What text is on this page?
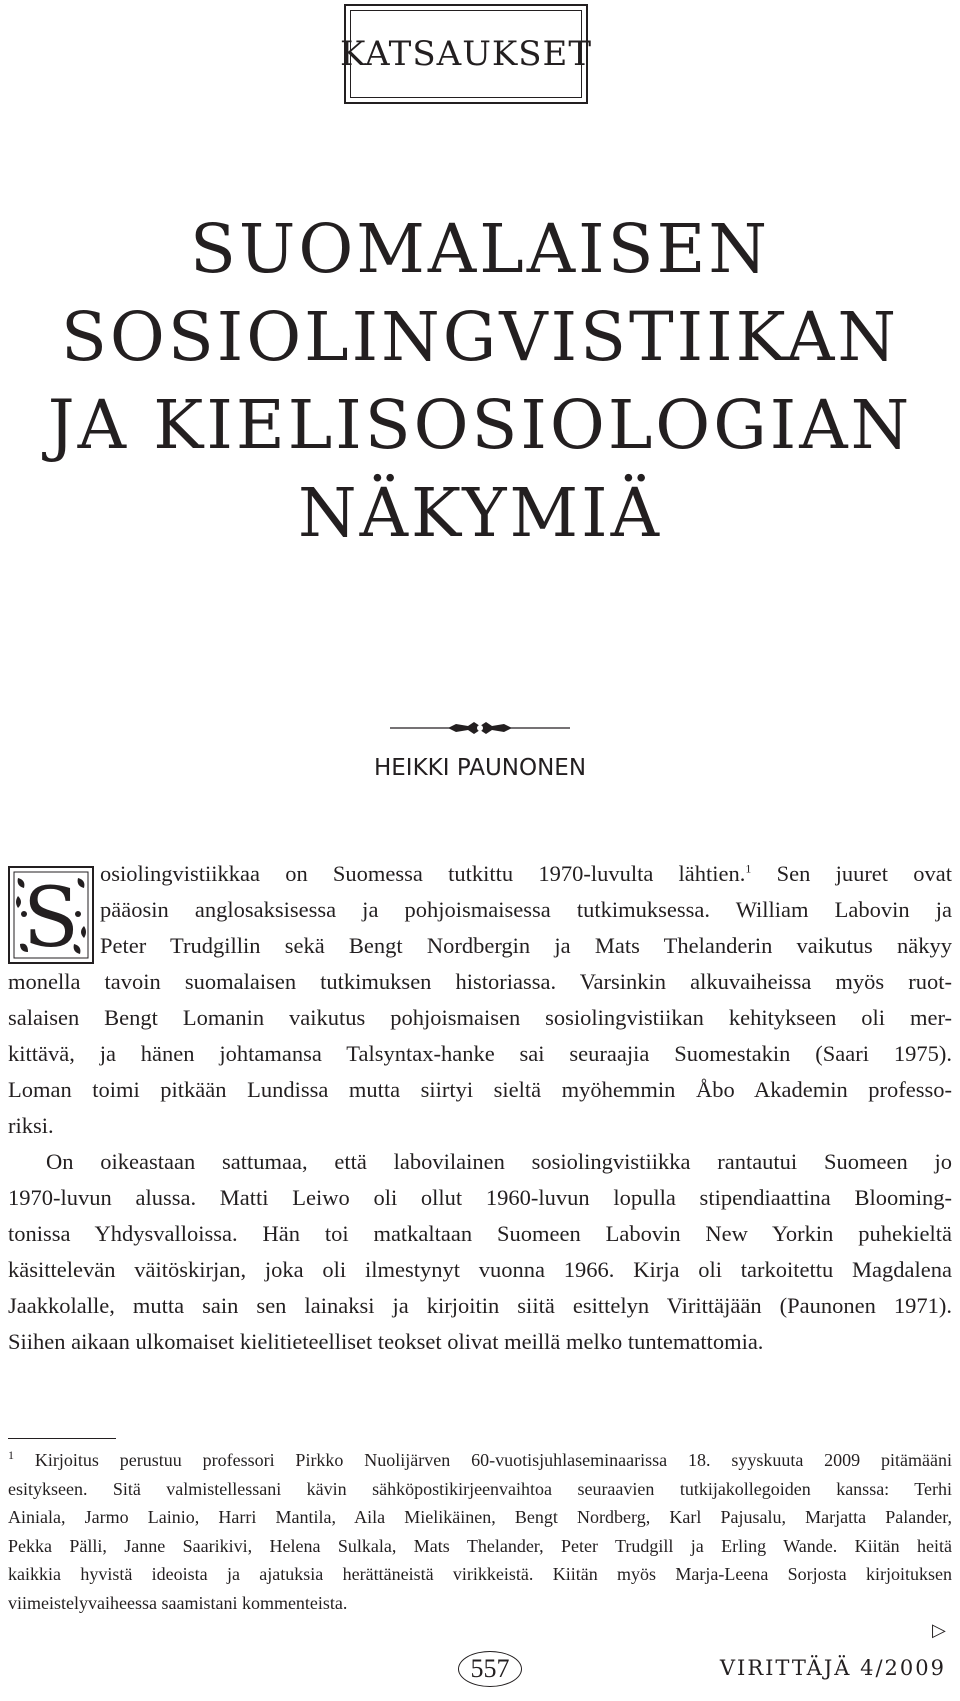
KATSAUKSET
SUOMALAISEN
SOSIOLINGVISTIIKAN
JA KIELISOSIOLOGIAN
NÄKYMIÄ
HEIKKI PAUNONEN
S osiolingvistiikkaa on Suomessa tutkittu 1970-luvulta lähtien.$^1$ Sen juuret ovat
pääosin anglosaksisessa ja pohjoismaisessa tutkimuksessa. William Labovin ja
Peter Trudgillin sekä Bengt Nordbergin ja Mats Thelanderin vaikutus näkyy
monella tavoin suomalaisen tutkimuksen historiassa. Varsinkin alkuvaiheissa myös ruot-
salaisen Bengt Lomanin vaikutus pohjoismaisen sosiolingvistiikan kehitykseen oli mer-
kittävä, ja hänen johtamansa Talsyntax-hanke sai seuraajia Suomestakin (Saari 1975).
Loman toimi pitkään Lundissa mutta siirtyi sieltä myöhemmin Åbo Akademin professo-
riksi.
On oikeastaan sattumaa, että labovilainen sosiolingvistiikka rantautui Suomeen jo
1970-luvun alussa. Matti Leiwo oli ollut 1960-luvun lopulla stipendiaattina Blooming-
tonissa Yhdysvalloissa. Hän toi matkaltaan Suomeen Labovin New Yorkin puhekieltä
käsittelevän väitöskirjan, joka oli ilmestynyt vuonna 1966. Kirja oli tarkoitettu Magdalena
Jaakkolalle, mutta sain sen lainaksi ja kirjoitin siitä esittelyn Virittäjään (Paunonen 1971).
Siihen aikaan ulkomaiset kielitieteelliset teokset olivat meillä melko tuntemattomia.
$^1$ Kirjoitus perustuu professori Pirkko Nuolijärven 60-vuotisjuhlaseminaarissa 18. syyskuuta 2009 pitämääni
esitykseen. Sitä valmistellessani kävin sähköpostikirjeenvaihtoa seuraavien tutkijakollegoiden kanssa: Terhi
Ainiala, Jarmo Lainio, Harri Mantila, Aila Mielikäinen, Bengt Nordberg, Karl Pajusalu, Marjatta Palander,
Pekka Pälli, Janne Saarikivi, Helena Sulkala, Mats Thelander, Peter Trudgill ja Erling Wande. Kiitän heitä
kaikkia hyvistä ideoista ja ajatuksia herättäneistä virikkeistä. Kiitän myös Marja-Leena Sorjosta kirjoituksen
viimeistelyvaiheessa saamistani kommenteista.
▷
557	VIRITTÄJÄ 4/2009
